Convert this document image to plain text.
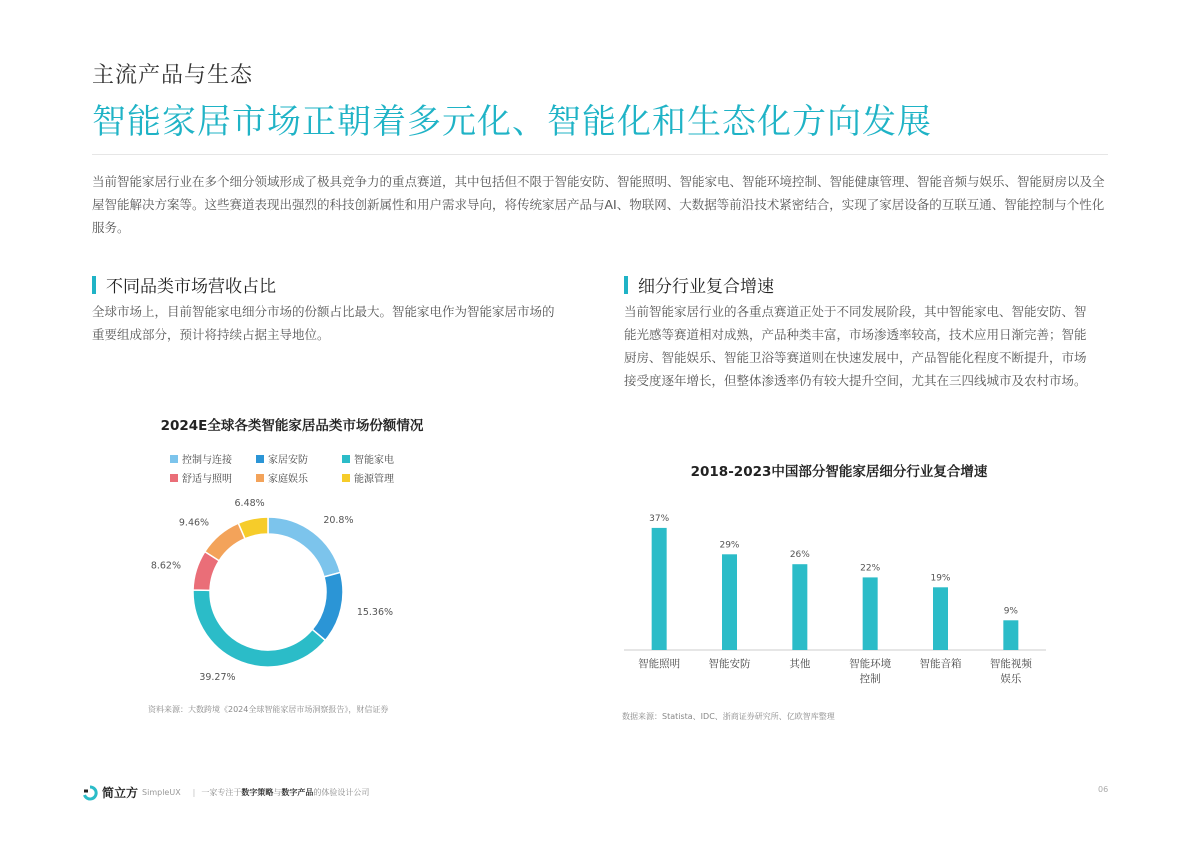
主流产品与生态
智能家居市场正朝着多元化、智能化和生态化方向发展
当前智能家居行业在多个细分领域形成了极具竞争力的重点赛道，其中包括但不限于智能安防、智能照明、智能家电、智能环境控制、智能健康管理、智能音频与娱乐、智能厨房以及全屋智能解决方案等。这些赛道表现出强烈的科技创新属性和用户需求导向，将传统家居产品与AI、物联网、大数据等前沿技术紧密结合，实现了家居设备的互联互通、智能控制与个性化服务。
不同品类市场营收占比
全球市场上，目前智能家电细分市场的份额占比最大。智能家电作为智能家居市场的重要组成部分，预计将持续占据主导地位。
2024E全球各类智能家居品类市场份额情况
控制与连接	家居安防	智能家电
舒适与照明	家庭娱乐	能源管理
20.8%
15.36%
39.27%
8.62%
9.46%
6.48%
资料来源：大数跨境《2024全球智能家居市场洞察报告》，财信证券
细分行业复合增速
当前智能家居行业的各重点赛道正处于不同发展阶段，其中智能家电、智能安防、智能光感等赛道相对成熟，产品种类丰富，市场渗透率较高，技术应用日渐完善；智能厨房、智能娱乐、智能卫浴等赛道则在快速发展中，产品智能化程度不断提升，市场接受度逐年增长，但整体渗透率仍有较大提升空间，尤其在三四线城市及农村市场。
2018-2023中国部分智能家居细分行业复合增速
37%
智能照明
29%
智能安防
26%
其他
22%
智能环境控制
19%
智能音箱
9%
智能视频娱乐
数据来源：Statista、IDC、浙商证券研究所、亿欧智库整理
简立方 SimpleUX | 一家专注于 数字策略 与 数字产品 的体验设计公司	06
